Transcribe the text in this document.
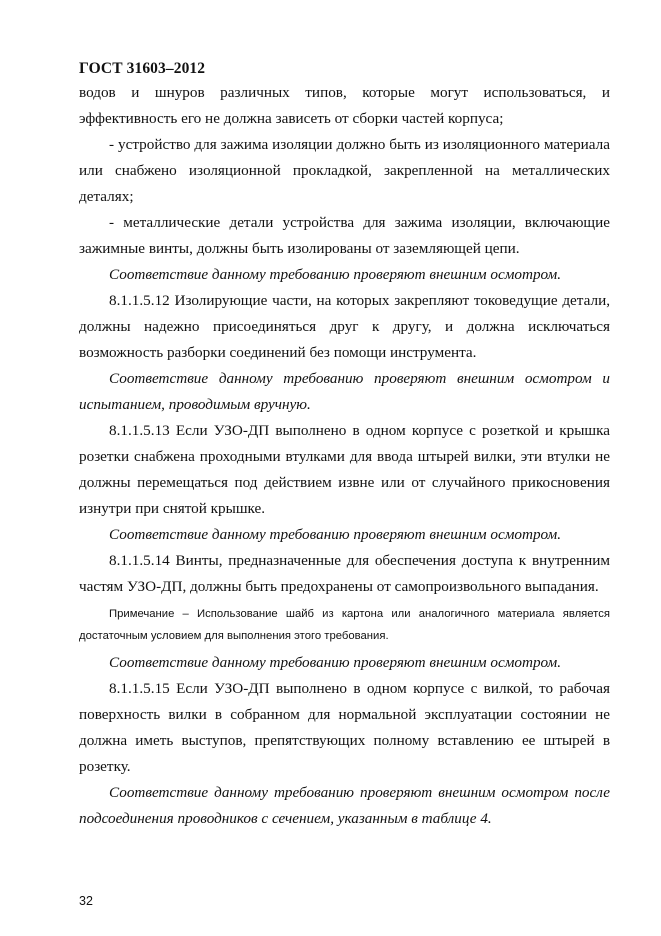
ГОСТ 31603–2012

водов и шнуров различных типов, которые могут использоваться, и эффективность его не должна зависеть от сборки частей корпуса;

- устройство для зажима изоляции должно быть из изоляционного материала или снабжено изоляционной прокладкой, закрепленной на металлических деталях;

- металлические детали устройства для зажима изоляции, включающие зажимные винты, должны быть изолированы от заземляющей цепи.

Соответствие данному требованию проверяют внешним осмотром.

8.1.1.5.12 Изолирующие части, на которых закрепляют токоведущие детали, должны надежно присоединяться друг к другу, и должна исключаться возможность разборки соединений без помощи инструмента.

Соответствие данному требованию проверяют внешним осмотром и испытанием, проводимым вручную.

8.1.1.5.13 Если УЗО-ДП выполнено в одном корпусе с розеткой и крышка розетки снабжена проходными втулками для ввода штырей вилки, эти втулки не должны перемещаться под действием извне или от случайного прикосновения изнутри при снятой крышке.

Соответствие данному требованию проверяют внешним осмотром.

8.1.1.5.14 Винты, предназначенные для обеспечения доступа к внутренним частям УЗО-ДП, должны быть предохранены от самопроизвольного выпадания.

Примечание – Использование шайб из картона или аналогичного материала является достаточным условием для выполнения этого требования.

Соответствие данному требованию проверяют внешним осмотром.

8.1.1.5.15 Если УЗО-ДП выполнено в одном корпусе с вилкой, то рабочая поверхность вилки в собранном для нормальной эксплуатации состоянии не должна иметь выступов, препятствующих полному вставлению ее штырей в розетку.

Соответствие данному требованию проверяют внешним осмотром после подсоединения проводников с сечением, указанным в таблице 4.

32
